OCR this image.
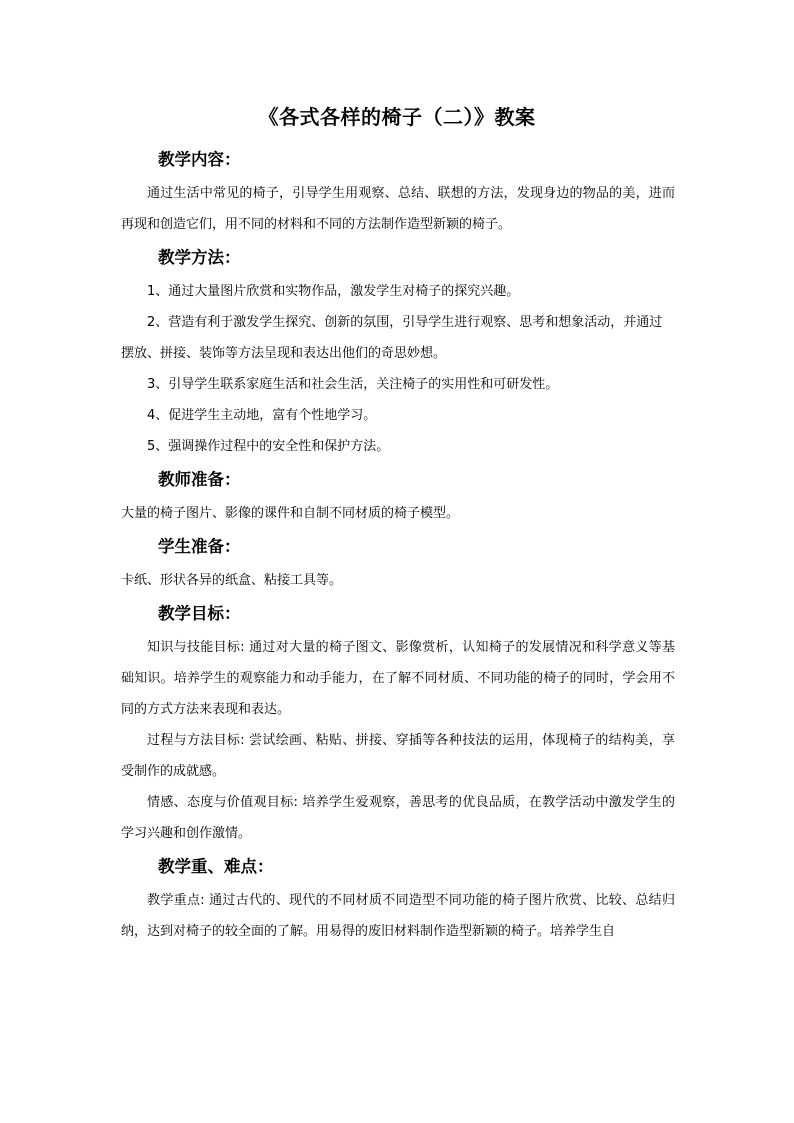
《各式各样的椅子（二）》教案
教学内容：

通过生活中常见的椅子，引导学生用观察、总结、联想的方法，发现身边的物品的美，进而再现和创造它们，用不同的材料和不同的方法制作造型新颖的椅子。

教学方法：

1、通过大量图片欣赏和实物作品，激发学生对椅子的探究兴趣。

2、营造有利于激发学生探究、创新的氛围，引导学生进行观察、思考和想象活动，并通过摆放、拼接、装饰等方法呈现和表达出他们的奇思妙想。

3、引导学生联系家庭生活和社会生活，关注椅子的实用性和可研发性。

4、促进学生主动地，富有个性地学习。

5、强调操作过程中的安全性和保护方法。

教师准备：

大量的椅子图片、影像的课件和自制不同材质的椅子模型。

学生准备：

卡纸、形状各异的纸盒、粘接工具等。

教学目标：

知识与技能目标: 通过对大量的椅子图文、影像赏析，认知椅子的发展情况和科学意义等基础知识。培养学生的观察能力和动手能力，在了解不同材质、不同功能的椅子的同时，学会用不同的方式方法来表现和表达。

过程与方法目标: 尝试绘画、粘贴、拼接、穿插等各种技法的运用，体现椅子的结构美，享受制作的成就感。

情感、态度与价值观目标: 培养学生爱观察，善思考的优良品质，在教学活动中激发学生的学习兴趣和创作激情。

教学重、难点：

教学重点: 通过古代的、现代的不同材质不同造型不同功能的椅子图片欣赏、比较、总结归纳，达到对椅子的较全面的了解。用易得的废旧材料制作造型新颖的椅子。培养学生自
